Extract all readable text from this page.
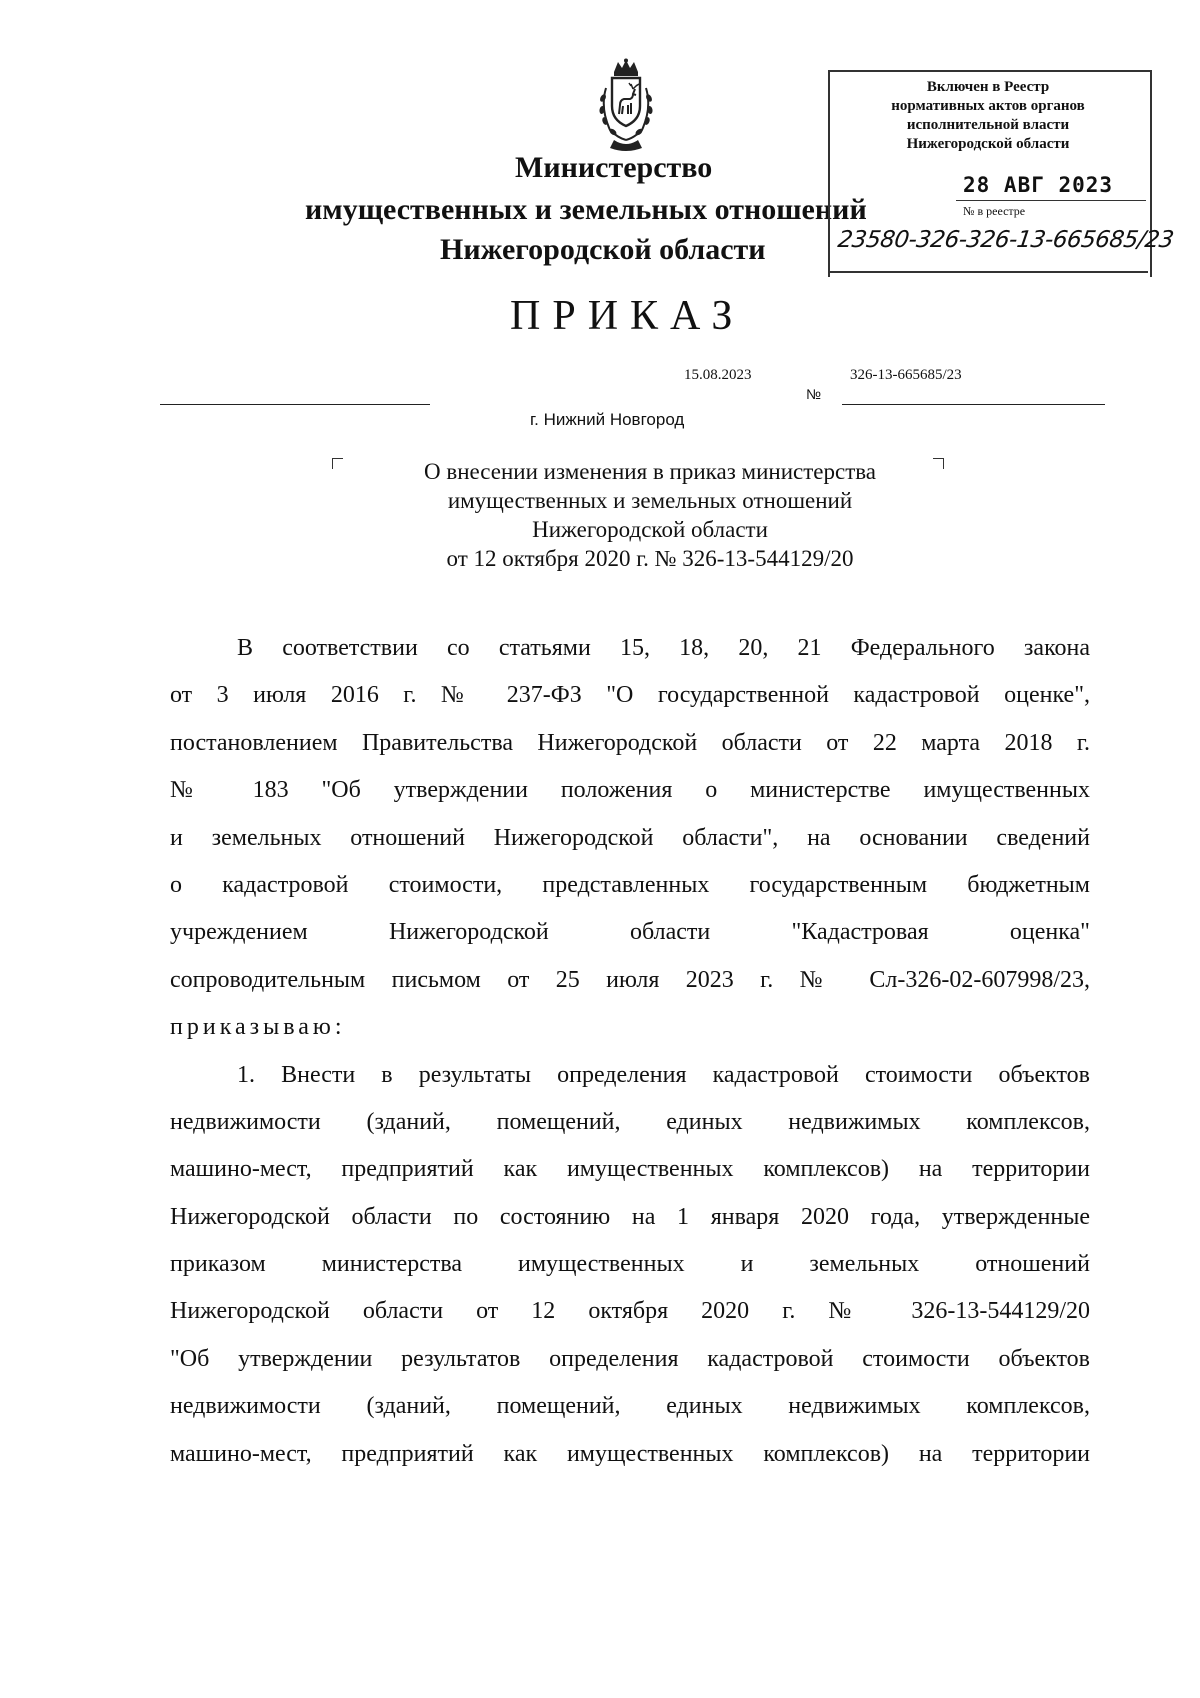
Министерство
имущественных и земельных отношений
Нижегородской области
Включен в Реестр
нормативных актов органов
исполнительной власти
Нижегородской области
28 АВГ 2023
№ в реестре
23580-326-326-13-665685/23
ПРИКАЗ
15.08.2023	326-13-665685/23
№
г. Нижний Новгород
О внесении изменения в приказ министерства
имущественных и земельных отношений
Нижегородской области
от 12 октября 2020 г. № 326-13-544129/20
В соответствии со статьями 15, 18, 20, 21 Федерального закона
от 3 июля 2016 г. № 237-ФЗ "О государственной кадастровой оценке",
постановлением Правительства Нижегородской области от 22 марта 2018 г.
№ 183 "Об утверждении положения о министерстве имущественных
и земельных отношений Нижегородской области", на основании сведений
о кадастровой стоимости, представленных государственным бюджетным
учреждением	Нижегородской	области	"Кадастровая	оценка"
сопроводительным письмом от 25 июля 2023 г. № Сл-326-02-607998/23,
приказываю:
1. Внести в результаты определения кадастровой стоимости объектов
недвижимости (зданий, помещений, единых недвижимых комплексов,
машино-мест, предприятий как имущественных комплексов) на территории
Нижегородской области по состоянию на 1 января 2020 года, утвержденные
приказом министерства имущественных и земельных отношений
Нижегородской области от 12 октября 2020 г. № 326-13-544129/20
"Об утверждении результатов определения кадастровой стоимости объектов
недвижимости (зданий, помещений, единых недвижимых комплексов,
машино-мест, предприятий как имущественных комплексов) на территории
